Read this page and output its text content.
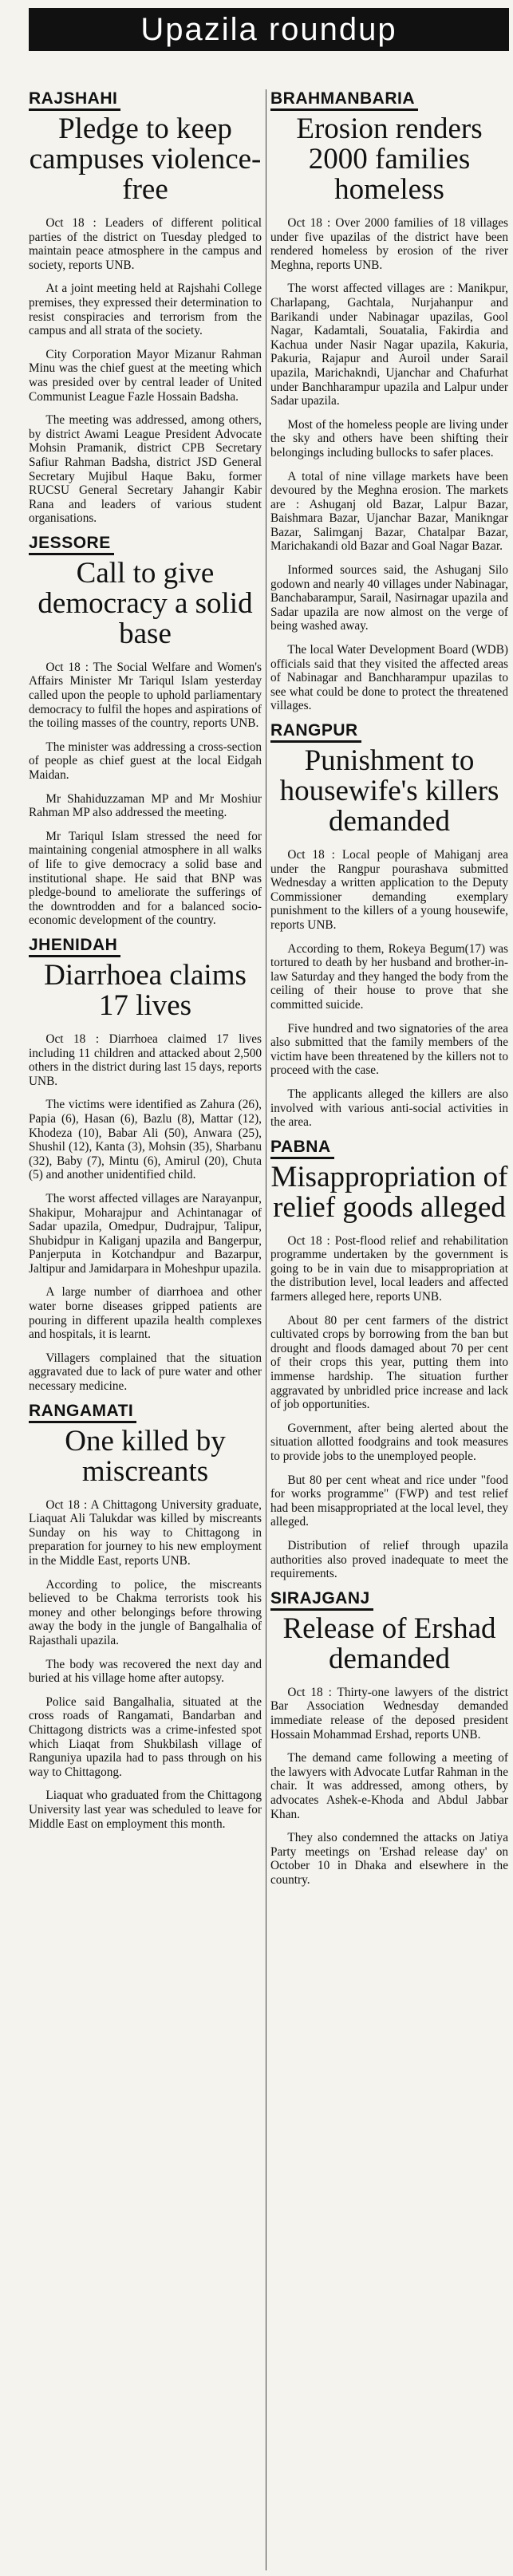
Upazila roundup
RAJSHAHI
Pledge to keep campuses violence-free

Oct 18 : Leaders of different political parties of the district on Tuesday pledged to maintain peace atmosphere in the campus and society, reports UNB.

At a joint meeting held at Rajshahi College premises, they expressed their determination to resist conspiracies and terrorism from the campus and all strata of the society.

City Corporation Mayor Mizanur Rahman Minu was the chief guest at the meeting which was presided over by central leader of United Communist League Fazle Hossain Badsha.

The meeting was addressed, among others, by district Awami League President Advocate Mohsin Pramanik, district CPB Secretary Safiur Rahman Badsha, district JSD General Secretary Mujibul Haque Baku, former RUCSU General Secretary Jahangir Kabir Rana and leaders of various student organisations.

JESSORE
Call to give democracy a solid base

Oct 18 : The Social Welfare and Women's Affairs Minister Mr Tariqul Islam yesterday called upon the people to uphold parliamentary democracy to fulfil the hopes and aspirations of the toiling masses of the country, reports UNB.

The minister was addressing a cross-section of people as chief guest at the local Eidgah Maidan.

Mr Shahiduzzaman MP and Mr Moshiur Rahman MP also addressed the meeting.

Mr Tariqul Islam stressed the need for maintaining congenial atmosphere in all walks of life to give democracy a solid base and institutional shape. He said that BNP was pledge-bound to ameliorate the sufferings of the downtrodden and for a balanced socio-economic development of the country.

JHENIDAH
Diarrhoea claims 17 lives

Oct 18 : Diarrhoea claimed 17 lives including 11 children and attacked about 2,500 others in the district during last 15 days, reports UNB.

The victims were identified as Zahura (26), Papia (6), Hasan (6), Bazlu (8), Mattar (12), Khodeza (10), Babar Ali (50), Anwara (25), Shushil (12), Kanta (3), Mohsin (35), Sharbanu (32), Baby (7), Mintu (6), Amirul (20), Chuta (5) and another unidentified child.

The worst affected villages are Narayanpur, Shakipur, Moharajpur and Achintanagar of Sadar upazila, Omedpur, Dudrajpur, Talipur, Shubidpur in Kaliganj upazila and Bangerpur, Panjerputa in Kotchandpur and Bazarpur, Jaltipur and Jamidarpara in Moheshpur upazila.

A large number of diarrhoea and other water borne diseases gripped patients are pouring in different upazila health complexes and hospitals, it is learnt.

Villagers complained that the situation aggravated due to lack of pure water and other necessary medicine.

RANGAMATI
One killed by miscreants

Oct 18 : A Chittagong University graduate, Liaquat Ali Talukdar was killed by miscreants Sunday on his way to Chittagong in preparation for journey to his new employment in the Middle East, reports UNB.

According to police, the miscreants believed to be Chakma terrorists took his money and other belongings before throwing away the body in the jungle of Bangalhalia of Rajasthali upazila.

The body was recovered the next day and buried at his village home after autopsy.

Police said Bangalhalia, situated at the cross roads of Rangamati, Bandarban and Chittagong districts was a crime-infested spot which Liaqat from Shukbilash village of Ranguniya upazila had to pass through on his way to Chittagong.

Liaquat who graduated from the Chittagong University last year was scheduled to leave for Middle East on employment this month.

BRAHMANBARIA
Erosion renders 2000 families homeless

Oct 18 : Over 2000 families of 18 villages under five upazilas of the district have been rendered homeless by erosion of the river Meghna, reports UNB.

The worst affected villages are : Manikpur, Charlapang, Gachtala, Nurjahanpur and Barikandi under Nabinagar upazilas, Gool Nagar, Kadamtali, Souatalia, Fakirdia and Kachua under Nasir Nagar upazila, Kakuria, Pakuria, Rajapur and Auroil under Sarail upazila, Marichakndi, Ujanchar and Chafurhat under Banchharampur upazila and Lalpur under Sadar upazila.

Most of the homeless people are living under the sky and others have been shifting their belongings including bullocks to safer places.

A total of nine village markets have been devoured by the Meghna erosion. The markets are : Ashuganj old Bazar, Lalpur Bazar, Baishmara Bazar, Ujanchar Bazar, Manikngar Bazar, Salimganj Bazar, Chatalpar Bazar, Marichakandi old Bazar and Goal Nagar Bazar.

Informed sources said, the Ashuganj Silo godown and nearly 40 villages under Nabinagar, Banchabarampur, Sarail, Nasirnagar upazila and Sadar upazila are now almost on the verge of being washed away.

The local Water Development Board (WDB) officials said that they visited the affected areas of Nabinagar and Banchharampur upazilas to see what could be done to protect the threatened villages.

RANGPUR
Punishment to housewife's killers demanded

Oct 18 : Local people of Mahiganj area under the Rangpur pourashava submitted Wednesday a written application to the Deputy Commissioner demanding exemplary punishment to the killers of a young housewife, reports UNB.

According to them, Rokeya Begum(17) was tortured to death by her husband and brother-in-law Saturday and they hanged the body from the ceiling of their house to prove that she committed suicide.

Five hundred and two signatories of the area also submitted that the family members of the victim have been threatened by the killers not to proceed with the case.

The applicants alleged the killers are also involved with various anti-social activities in the area.

PABNA
Misappropriation of relief goods alleged

Oct 18 : Post-flood relief and rehabilitation programme undertaken by the government is going to be in vain due to misappropriation at the distribution level, local leaders and affected farmers alleged here, reports UNB.

About 80 per cent farmers of the district cultivated crops by borrowing from the ban but drought and floods damaged about 70 per cent of their crops this year, putting them into immense hardship. The situation further aggravated by unbridled price increase and lack of job opportunities.

Government, after being alerted about the situation allotted foodgrains and took measures to provide jobs to the unemployed people.

But 80 per cent wheat and rice under "food for works programme" (FWP) and test relief had been misappropriated at the local level, they alleged.

Distribution of relief through upazila authorities also proved inadequate to meet the requirements.

SIRAJGANJ
Release of Ershad demanded

Oct 18 : Thirty-one lawyers of the district Bar Association Wednesday demanded immediate release of the deposed president Hossain Mohammad Ershad, reports UNB.

The demand came following a meeting of the lawyers with Advocate Lutfar Rahman in the chair. It was addressed, among others, by advocates Ashek-e-Khoda and Abdul Jabbar Khan.

They also condemned the attacks on Jatiya Party meetings on 'Ershad release day' on October 10 in Dhaka and elsewhere in the country.
